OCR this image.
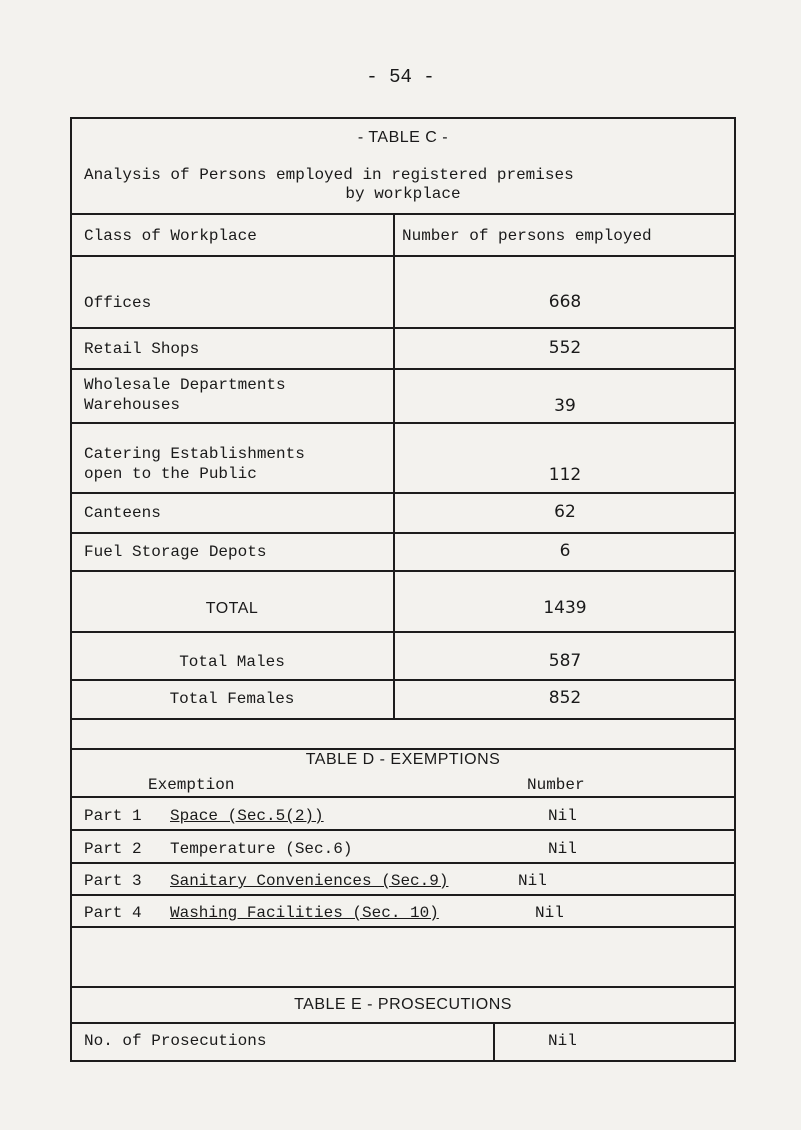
- 54 -
- TABLE C -
Analysis of Persons employed in registered premises
by workplace
Class of Workplace	Number of persons employed
Offices	668
Retail Shops	552
Wholesale Departments
Warehouses	39
Catering Establishments
open to the Public	112
Canteens	62
Fuel Storage Depots	6
TOTAL	1439
Total Males	587
Total Females	852
TABLE D - EXEMPTIONS
Exemption	Number
Part 1 Space (Sec.5(2))	Nil
Part 2 Temperature (Sec.6)	Nil
Part 3 Sanitary Conveniences (Sec.9)	Nil
Part 4 Washing Facilities (Sec. 10)	Nil
TABLE E - PROSECUTIONS
No. of Prosecutions	Nil
